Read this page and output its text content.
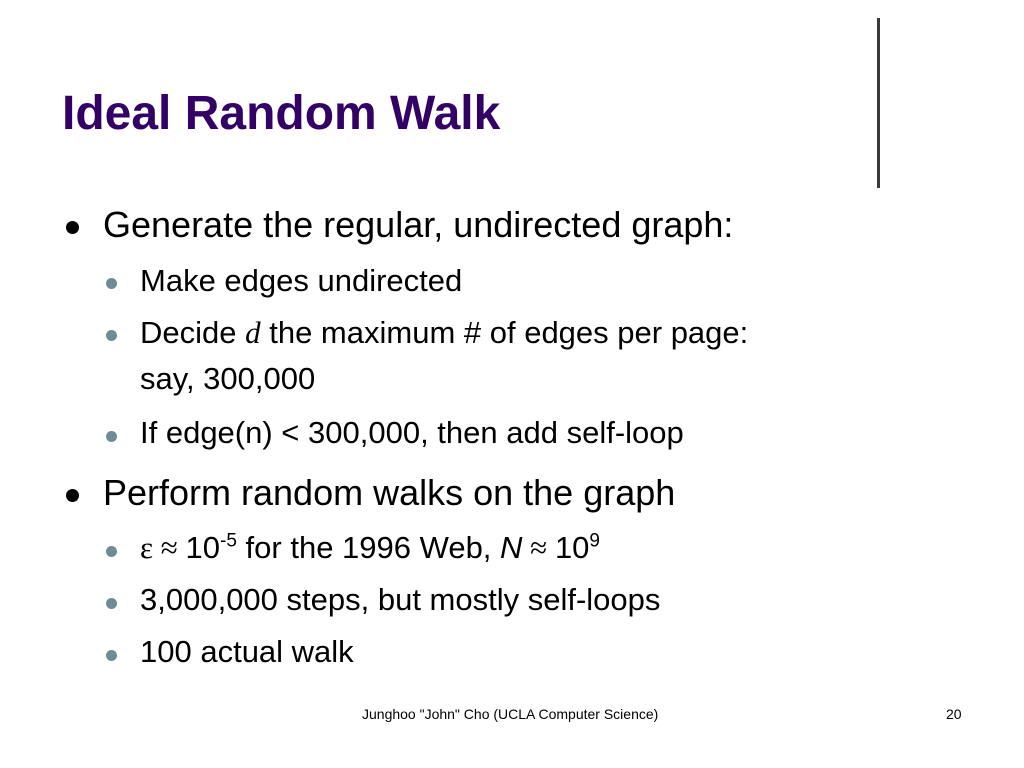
Ideal Random Walk
Generate the regular, undirected graph:
Make edges undirected
Decide d the maximum # of edges per page:
say, 300,000
If edge(n) < 300,000, then add self-loop
Perform random walks on the graph
$\varepsilon \approx 10^{-5}$ for the 1996 Web, $N \approx 10^9$
3,000,000 steps, but mostly self-loops
100 actual walk
Junghoo "John" Cho (UCLA Computer Science)	20
